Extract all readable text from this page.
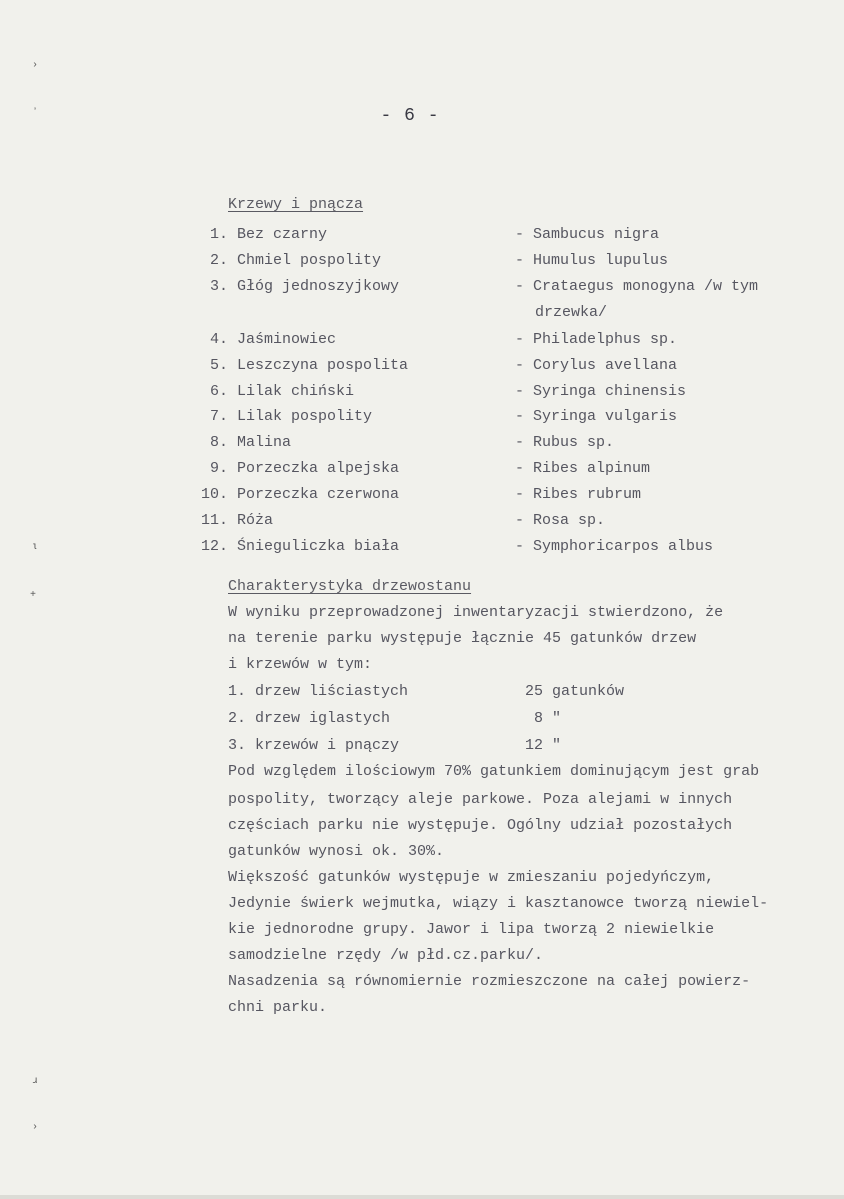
›
ʼ
ɩ
+
ɹ
›
- 6 -
Krzewy i pnącza
1. Bez czarny	- Sambucus nigra
2. Chmiel pospolity	- Humulus lupulus
3. Głóg jednoszyjkowy	- Crataegus monogyna /w tym
drzewka/
4. Jaśminowiec	- Philadelphus sp.
5. Leszczyna pospolita	- Corylus avellana
6. Lilak chiński	- Syringa chinensis
7. Lilak pospolity	- Syringa vulgaris
8. Malina	- Rubus sp.
9. Porzeczka alpejska	- Ribes alpinum
10. Porzeczka czerwona	- Ribes rubrum
11. Róża	- Rosa sp.
12. Śnieguliczka biała	- Symphoricarpos albus
Charakterystyka drzewostanu
W wyniku przeprowadzonej inwentaryzacji stwierdzono, że
na terenie parku występuje łącznie 45 gatunków drzew
i krzewów w tym:
1. drzew liściastych	25 gatunków
2. drzew iglastych	8 "
3. krzewów i pnączy	12 "
Pod względem ilościowym 70% gatunkiem dominującym jest grab
pospolity, tworzący aleje parkowe. Poza alejami w innych
częściach parku nie występuje. Ogólny udział pozostałych
gatunków wynosi ok. 30%.
Większość gatunków występuje w zmieszaniu pojedyńczym,
Jedynie świerk wejmutka, wiązy i kasztanowce tworzą niewiel-
kie jednorodne grupy. Jawor i lipa tworzą 2 niewielkie
samodzielne rzędy /w płd.cz.parku/.
Nasadzenia są równomiernie rozmieszczone na całej powierz-
chni parku.
